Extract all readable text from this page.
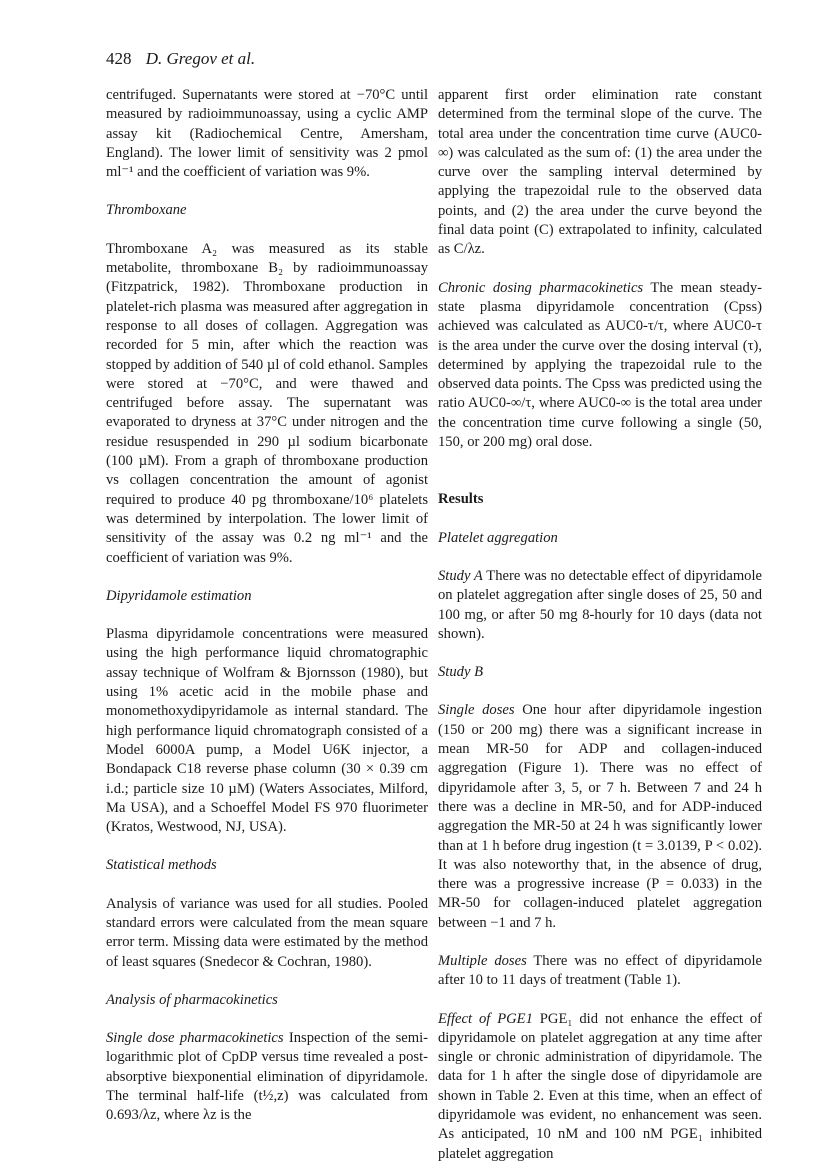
428 D. Gregov et al.

centrifuged. Supernatants were stored at −70°C until measured by radioimmunoassay, using a cyclic AMP assay kit (Radiochemical Centre, Amersham, England). The lower limit of sensitivity was 2 pmol ml⁻¹ and the coefficient of variation was 9%.

Thromboxane

Thromboxane A₂ was measured as its stable metabolite, thromboxane B₂ by radioimmunoassay (Fitzpatrick, 1982). Thromboxane production in platelet-rich plasma was measured after aggregation in response to all doses of collagen. Aggregation was recorded for 5 min, after which the reaction was stopped by addition of 540 µl of cold ethanol. Samples were stored at −70°C, and were thawed and centrifuged before assay. The supernatant was evaporated to dryness at 37°C under nitrogen and the residue resuspended in 290 µl sodium bicarbonate (100 µM). From a graph of thromboxane production vs collagen concentration the amount of agonist required to produce 40 pg thromboxane/10⁶ platelets was determined by interpolation. The lower limit of sensitivity of the assay was 0.2 ng ml⁻¹ and the coefficient of variation was 9%.

Dipyridamole estimation

Plasma dipyridamole concentrations were measured using the high performance liquid chromatographic assay technique of Wolfram & Bjornsson (1980), but using 1% acetic acid in the mobile phase and monomethoxydipyridamole as internal standard. The high performance liquid chromatograph consisted of a Model 6000A pump, a Model U6K injector, a Bondapack C18 reverse phase column (30 × 0.39 cm i.d.; particle size 10 µM) (Waters Associates, Milford, Ma USA), and a Schoeffel Model FS 970 fluorimeter (Kratos, Westwood, NJ, USA).

Statistical methods

Analysis of variance was used for all studies. Pooled standard errors were calculated from the mean square error term. Missing data were estimated by the method of least squares (Snedecor & Cochran, 1980).

Analysis of pharmacokinetics

Single dose pharmacokinetics Inspection of the semi-logarithmic plot of CpDP versus time revealed a post-absorptive biexponential elimination of dipyridamole. The terminal half-life (t½,z) was calculated from 0.693/λz, where λz is the

apparent first order elimination rate constant determined from the terminal slope of the curve. The total area under the concentration time curve (AUC0-∞) was calculated as the sum of: (1) the area under the curve over the sampling interval determined by applying the trapezoidal rule to the observed data points, and (2) the area under the curve beyond the final data point (C) extrapolated to infinity, calculated as C/λz.

Chronic dosing pharmacokinetics The mean steady-state plasma dipyridamole concentration (Cpss) achieved was calculated as AUC0-τ/τ, where AUC0-τ is the area under the curve over the dosing interval (τ), determined by applying the trapezoidal rule to the observed data points. The Cpss was predicted using the ratio AUC0-∞/τ, where AUC0-∞ is the total area under the concentration time curve following a single (50, 150, or 200 mg) oral dose.

Results

Platelet aggregation

Study A There was no detectable effect of dipyridamole on platelet aggregation after single doses of 25, 50 and 100 mg, or after 50 mg 8-hourly for 10 days (data not shown).

Study B

Single doses One hour after dipyridamole ingestion (150 or 200 mg) there was a significant increase in mean MR-50 for ADP and collagen-induced aggregation (Figure 1). There was no effect of dipyridamole after 3, 5, or 7 h. Between 7 and 24 h there was a decline in MR-50, and for ADP-induced aggregation the MR-50 at 24 h was significantly lower than at 1 h before drug ingestion (t = 3.0139, P < 0.02). It was also noteworthy that, in the absence of drug, there was a progressive increase (P = 0.033) in the MR-50 for collagen-induced platelet aggregation between −1 and 7 h.

Multiple doses There was no effect of dipyridamole after 10 to 11 days of treatment (Table 1).

Effect of PGE1 PGE₁ did not enhance the effect of dipyridamole on platelet aggregation at any time after single or chronic administration of dipyridamole. The data for 1 h after the single dose of dipyridamole are shown in Table 2. Even at this time, when an effect of dipyridamole was evident, no enhancement was seen. As anticipated, 10 nM and 100 nM PGE₁ inhibited platelet aggregation
